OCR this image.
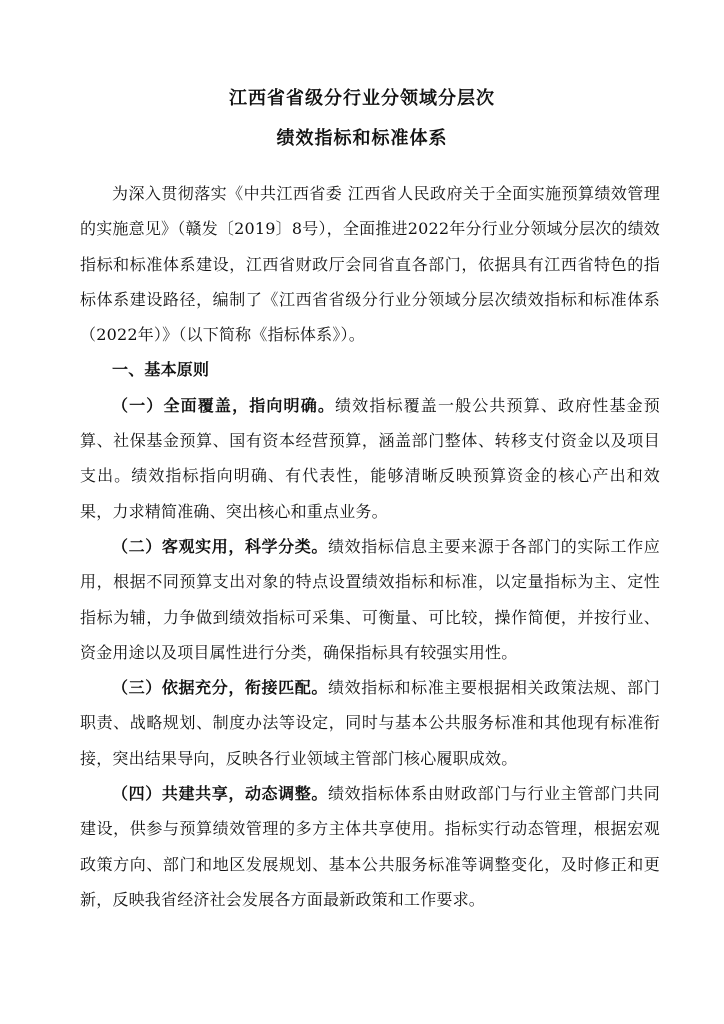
江西省省级分行业分领域分层次
绩效指标和标准体系

为深入贯彻落实《中共江西省委 江西省人民政府关于全面实施预算绩效管理的实施意见》（赣发〔2019〕8号），全面推进2022年分行业分领域分层次的绩效指标和标准体系建设，江西省财政厅会同省直各部门，依据具有江西省特色的指标体系建设路径，编制了《江西省省级分行业分领域分层次绩效指标和标准体系（2022年）》（以下简称《指标体系》）。

一、基本原则

（一）全面覆盖，指向明确。绩效指标覆盖一般公共预算、政府性基金预算、社保基金预算、国有资本经营预算，涵盖部门整体、转移支付资金以及项目支出。绩效指标指向明确、有代表性，能够清晰反映预算资金的核心产出和效果，力求精简准确、突出核心和重点业务。

（二）客观实用，科学分类。绩效指标信息主要来源于各部门的实际工作应用，根据不同预算支出对象的特点设置绩效指标和标准，以定量指标为主、定性指标为辅，力争做到绩效指标可采集、可衡量、可比较，操作简便，并按行业、资金用途以及项目属性进行分类，确保指标具有较强实用性。

（三）依据充分，衔接匹配。绩效指标和标准主要根据相关政策法规、部门职责、战略规划、制度办法等设定，同时与基本公共服务标准和其他现有标准衔接，突出结果导向，反映各行业领域主管部门核心履职成效。

（四）共建共享，动态调整。绩效指标体系由财政部门与行业主管部门共同建设，供参与预算绩效管理的多方主体共享使用。指标实行动态管理，根据宏观政策方向、部门和地区发展规划、基本公共服务标准等调整变化，及时修正和更新，反映我省经济社会发展各方面最新政策和工作要求。
